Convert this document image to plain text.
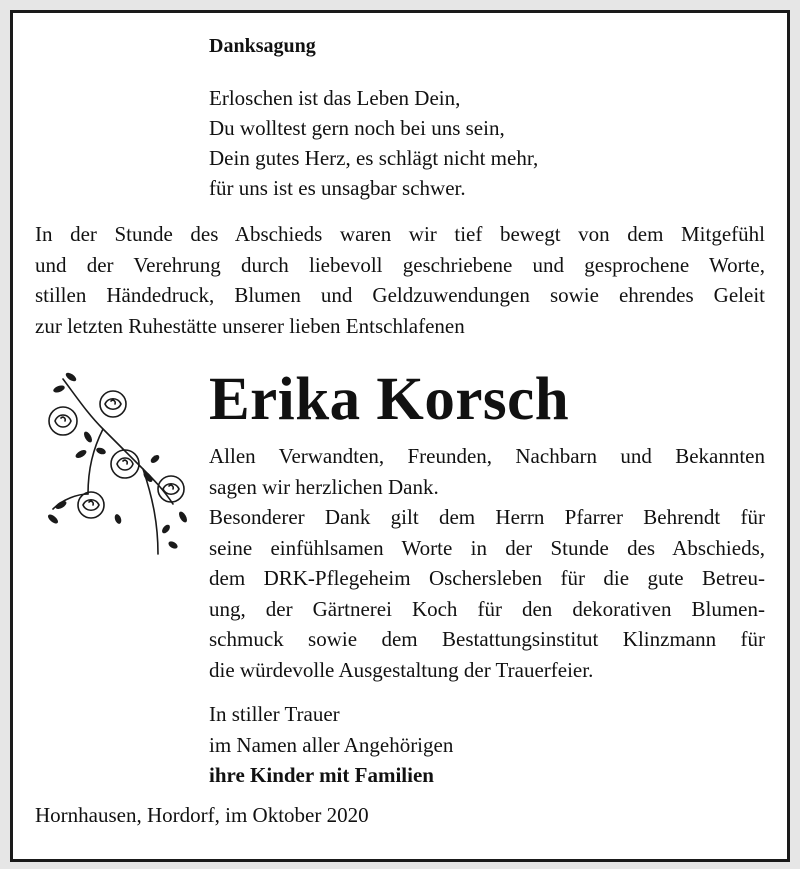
Danksagung
Erloschen ist das Leben Dein,
Du wolltest gern noch bei uns sein,
Dein gutes Herz, es schlägt nicht mehr,
für uns ist es unsagbar schwer.
In der Stunde des Abschieds waren wir tief bewegt von dem Mitgefühl
und der Verehrung durch liebevoll geschriebene und gesprochene Worte,
stillen Händedruck, Blumen und Geldzuwendungen sowie ehrendes Geleit
zur letzten Ruhestätte unserer lieben Entschlafenen
Erika Korsch
Allen Verwandten, Freunden, Nachbarn und Bekannten
sagen wir herzlichen Dank.
Besonderer Dank gilt dem Herrn Pfarrer Behrendt für
seine einfühlsamen Worte in der Stunde des Abschieds,
dem DRK-Pflegeheim Oschersleben für die gute Betreu-
ung, der Gärtnerei Koch für den dekorativen Blumen-
schmuck sowie dem Bestattungsinstitut Klinzmann für
die würdevolle Ausgestaltung der Trauerfeier.
In stiller Trauer
im Namen aller Angehörigen
ihre Kinder mit Familien
Hornhausen, Hordorf, im Oktober 2020
